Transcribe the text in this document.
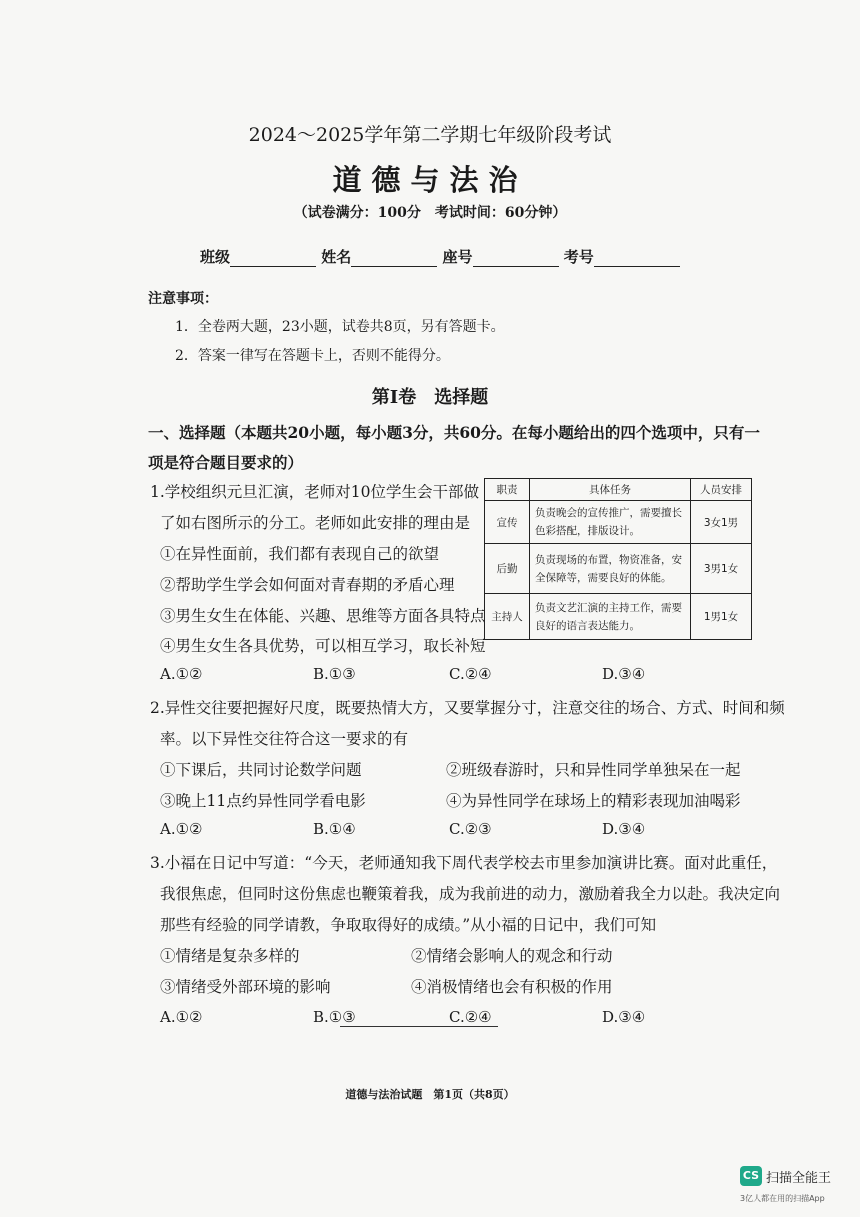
2024～2025学年第二学期七年级阶段考试
道德与法治
（试卷满分：100分　考试时间：60分钟）
班级	姓名	座号	考号
注意事项：
1．全卷两大题，23小题，试卷共8页，另有答题卡。
2．答案一律写在答题卡上，否则不能得分。
第I卷　选择题
一、选择题（本题共20小题，每小题3分，共60分。在每小题给出的四个选项中，只有一项是符合题目要求的）
1.学校组织元旦汇演，老师对10位学生会干部做
了如右图所示的分工。老师如此安排的理由是
①在异性面前，我们都有表现自己的欲望
②帮助学生学会如何面对青春期的矛盾心理
③男生女生在体能、兴趣、思维等方面各具特点
④男生女生各具优势，可以相互学习，取长补短
A.①②	B.①③	C.②④	D.③④
职责	具体任务	人员安排
宣传	负责晚会的宣传推广，需要擅长色彩搭配，排版设计。	3女1男
后勤	负责现场的布置，物资准备，安全保障等，需要良好的体能。	3男1女
主持人	负责文艺汇演的主持工作，需要良好的语言表达能力。	1男1女
2.异性交往要把握好尺度，既要热情大方，又要掌握分寸，注意交往的场合、方式、时间和频
率。以下异性交往符合这一要求的有
①下课后，共同讨论数学问题	②班级春游时，只和异性同学单独呆在一起
③晚上11点约异性同学看电影	④为异性同学在球场上的精彩表现加油喝彩
A.①②	B.①④	C.②③	D.③④
3.小福在日记中写道：“今天，老师通知我下周代表学校去市里参加演讲比赛。面对此重任，
我很焦虑，但同时这份焦虑也鞭策着我，成为我前进的动力，激励着我全力以赴。我决定向
那些有经验的同学请教，争取取得好的成绩。”从小福的日记中，我们可知
①情绪是复杂多样的	②情绪会影响人的观念和行动
③情绪受外部环境的影响	④消极情绪也会有积极的作用
A.①②	B.①③	C.②④	D.③④
道德与法治试题　第1页（共8页）
CS 扫描全能王
3亿人都在用的扫描App
